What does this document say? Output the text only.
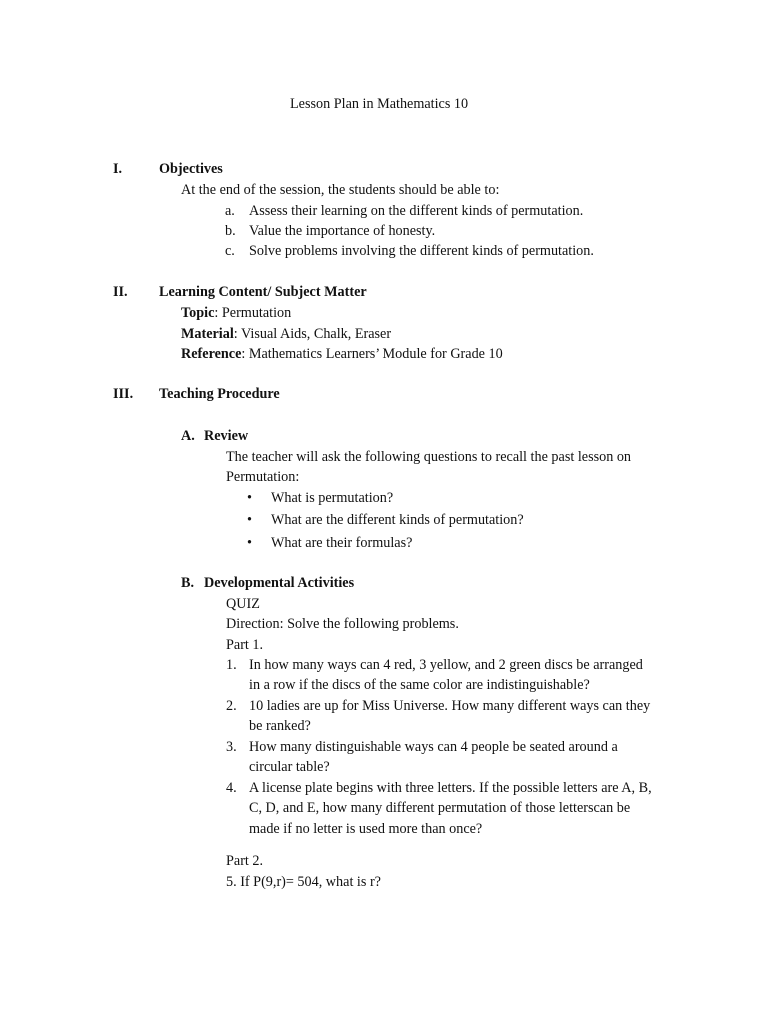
Lesson Plan in Mathematics 10
I.	Objectives
At the end of the session, the students should be able to:
a. Assess their learning on the different kinds of permutation.
b. Value the importance of honesty.
c. Solve problems involving the different kinds of permutation.
II. Learning Content/ Subject Matter
Topic: Permutation
Material: Visual Aids, Chalk, Eraser
Reference: Mathematics Learners’ Module for Grade 10
III. Teaching Procedure
A. Review
The teacher will ask the following questions to recall the past lesson on
Permutation:
• What is permutation?
• What are the different kinds of permutation?
• What are their formulas?
B. Developmental Activities
QUIZ
Direction: Solve the following problems.
Part 1.
1. In how many ways can 4 red, 3 yellow, and 2 green discs be arranged
in a row if the discs of the same color are indistinguishable?
2. 10 ladies are up for Miss Universe. How many different ways can they
be ranked?
3. How many distinguishable ways can 4 people be seated around a
circular table?
4. A license plate begins with three letters. If the possible letters are A, B,
C, D, and E, how many different permutation of those letterscan be
made if no letter is used more than once?
Part 2.
5. If P(9,r)= 504, what is r?
